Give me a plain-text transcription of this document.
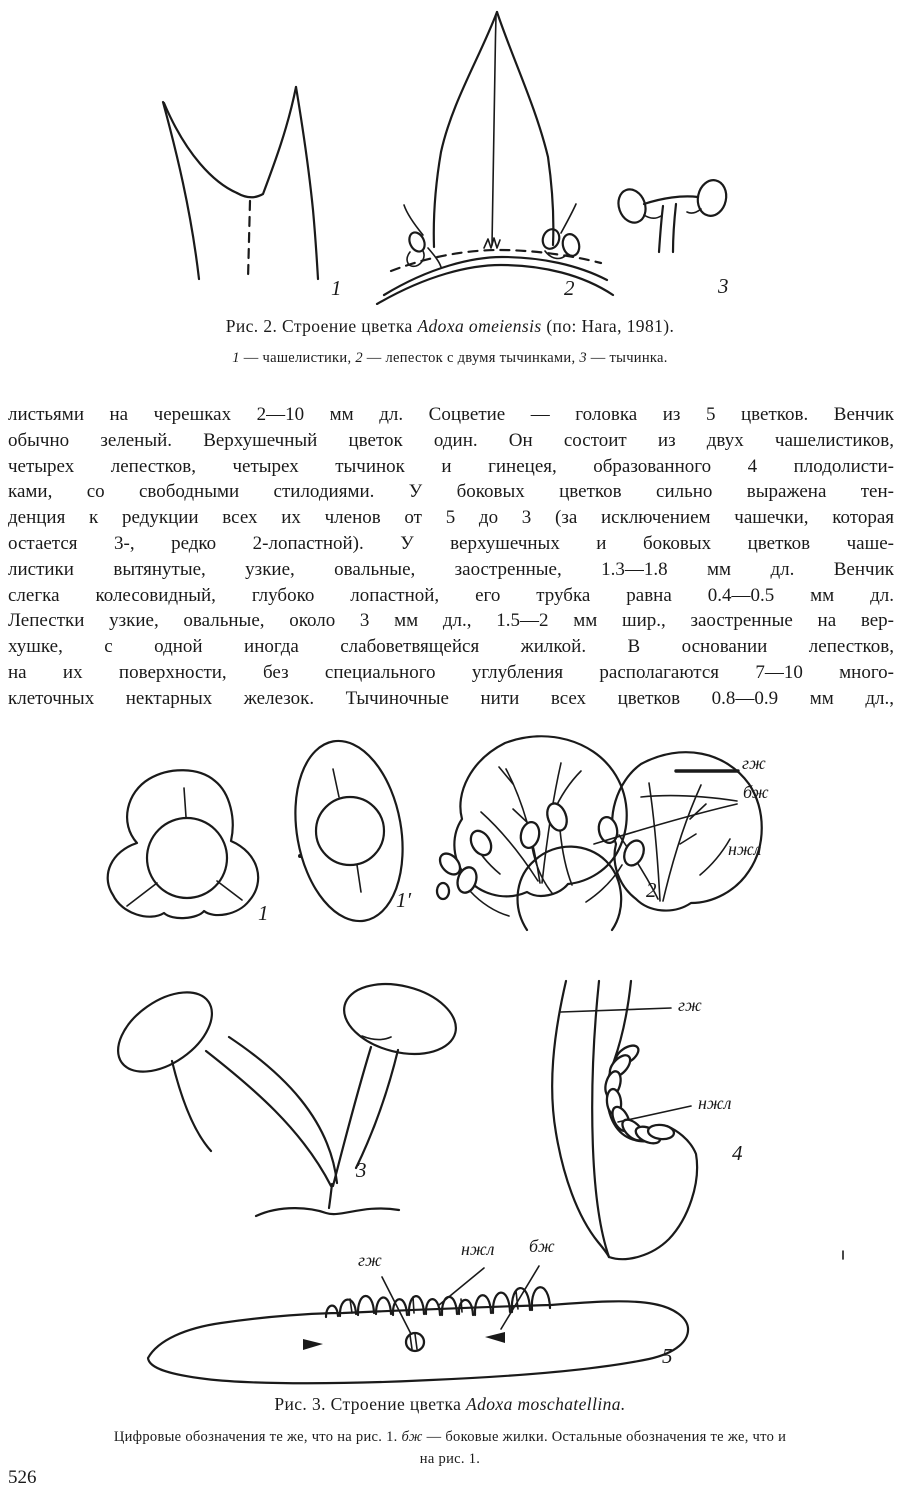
1	2	3
Рис. 2. Строение цветка Adoxa omeiensis (по: Hara, 1981).
1 — чашелистики, 2 — лепесток с двумя тычинками, 3 — тычинка.
листьями на черешках 2—10 мм дл. Соцветие — головка из 5 цветков. Венчик
обычно зеленый. Верхушечный цветок один. Он состоит из двух чашелистиков,
четырех лепестков, четырех тычинок и гинецея, образованного 4 плодолисти-
ками, со свободными стилодиями. У боковых цветков сильно выражена тен-
денция к редукции всех их членов от 5 до 3 (за исключением чашечки, которая
остается 3-, редко 2-лопастной). У верхушечных и боковых цветков чаше-
листики вытянутые, узкие, овальные, заостренные, 1.3—1.8 мм дл. Венчик
слегка колесовидный, глубоко лопастной, его трубка равна 0.4—0.5 мм дл.
Лепестки узкие, овальные, около 3 мм дл., 1.5—2 мм шир., заостренные на вер-
хушке, с одной иногда слабоветвящейся жилкой. В основании лепестков,
на их поверхности, без специального углубления располагаются 7—10 много-
клеточных нектарных железок. Тычиночные нити всех цветков 0.8—0.9 мм дл.,
1
1′	2
3
4
5
гж
бж
нжл
гж
нжл
гж
нжл бж
Рис. 3. Строение цветка Adoxa moschatellina.
Цифровые обозначения те же, что на рис. 1. бж — боковые жилки. Остальные обозначения те же, что и
на рис. 1.
526
